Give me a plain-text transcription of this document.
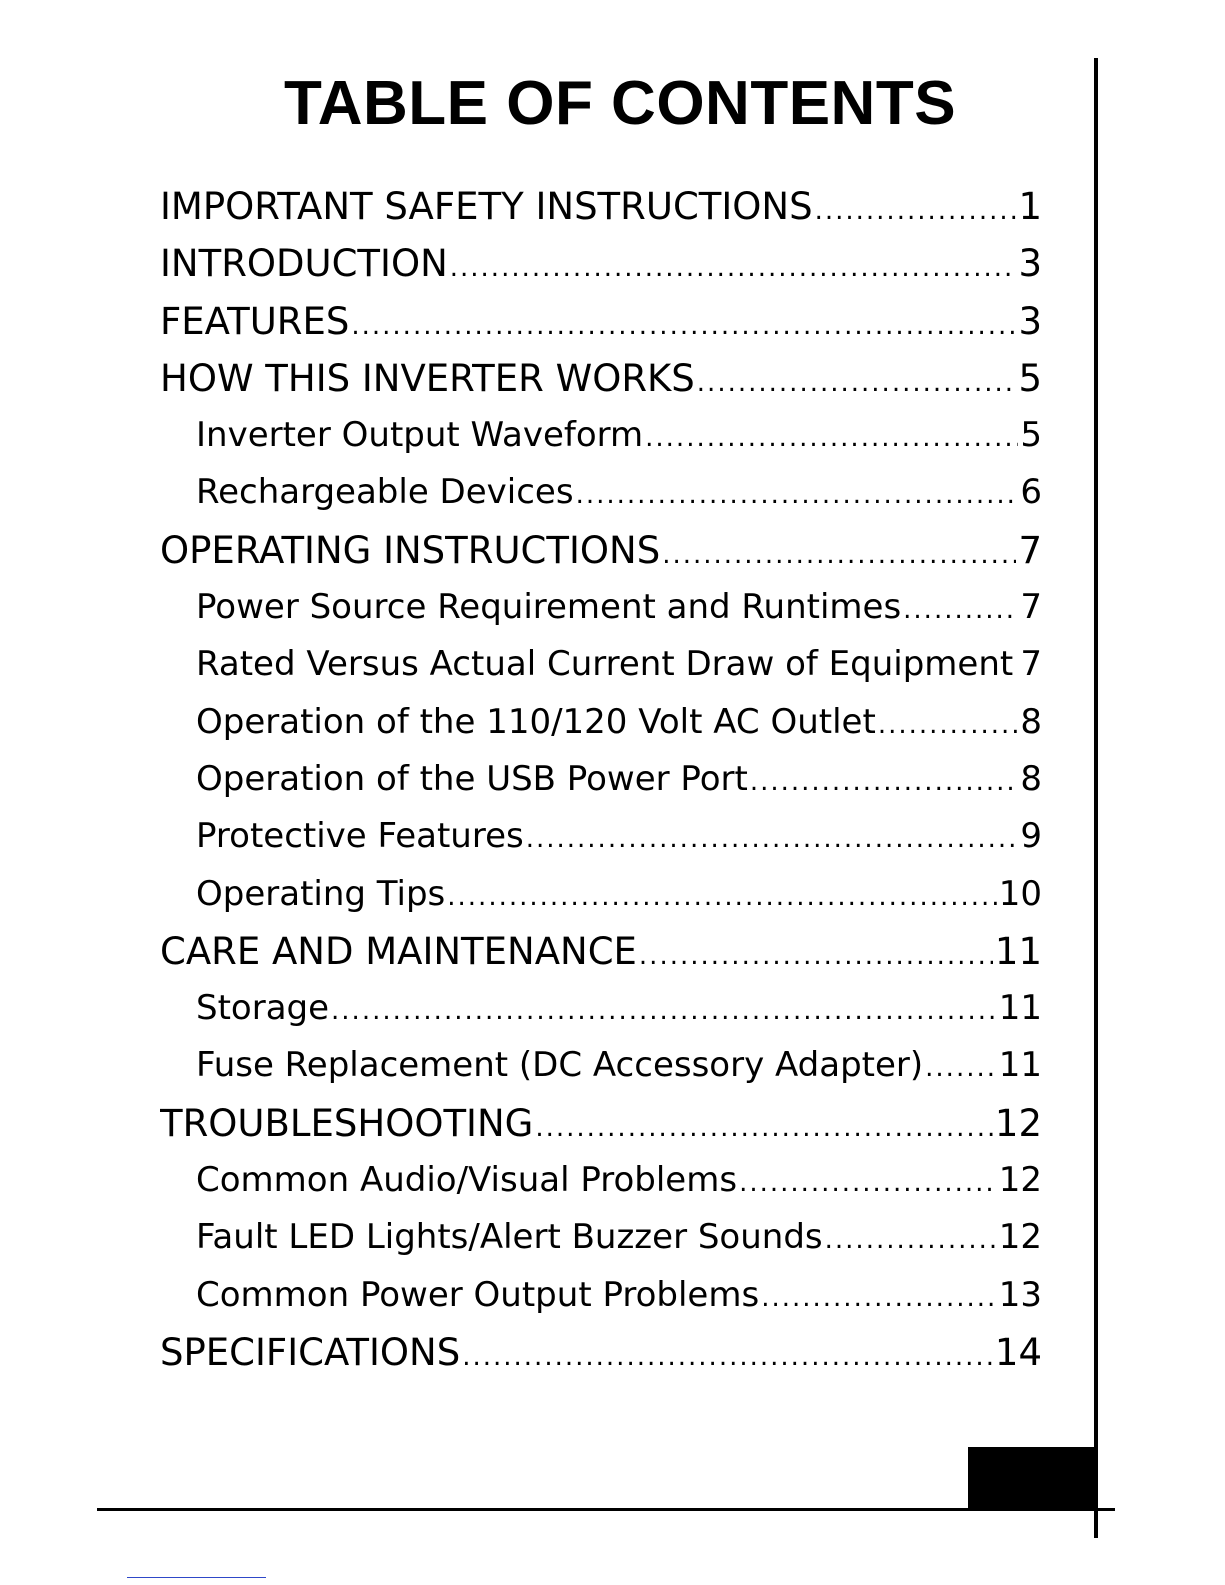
TABLE OF CONTENTS
IMPORTANT SAFETY INSTRUCTIONS .....	1
INTRODUCTION .....	3
FEATURES .....	3
HOW THIS INVERTER WORKS .....	5
Inverter Output Waveform .....	5
Rechargeable Devices .....	6
OPERATING INSTRUCTIONS .....	7
Power Source Requirement and Runtimes .....	7
Rated Versus Actual Current Draw of Equipment ..... 7
Operation of the 110/120 Volt AC Outlet .....	8
Operation of the USB Power Port .....	8
Protective Features .....	9
Operating Tips .....	10
CARE AND MAINTENANCE .....	11
Storage .....	11
Fuse Replacement (DC Accessory Adapter) ..... 11
TROUBLESHOOTING .....	12
Common Audio/Visual Problems .....	12
Fault LED Lights/Alert Buzzer Sounds .....	12
Common Power Output Problems .....	13
SPECIFICATIONS .....	14
